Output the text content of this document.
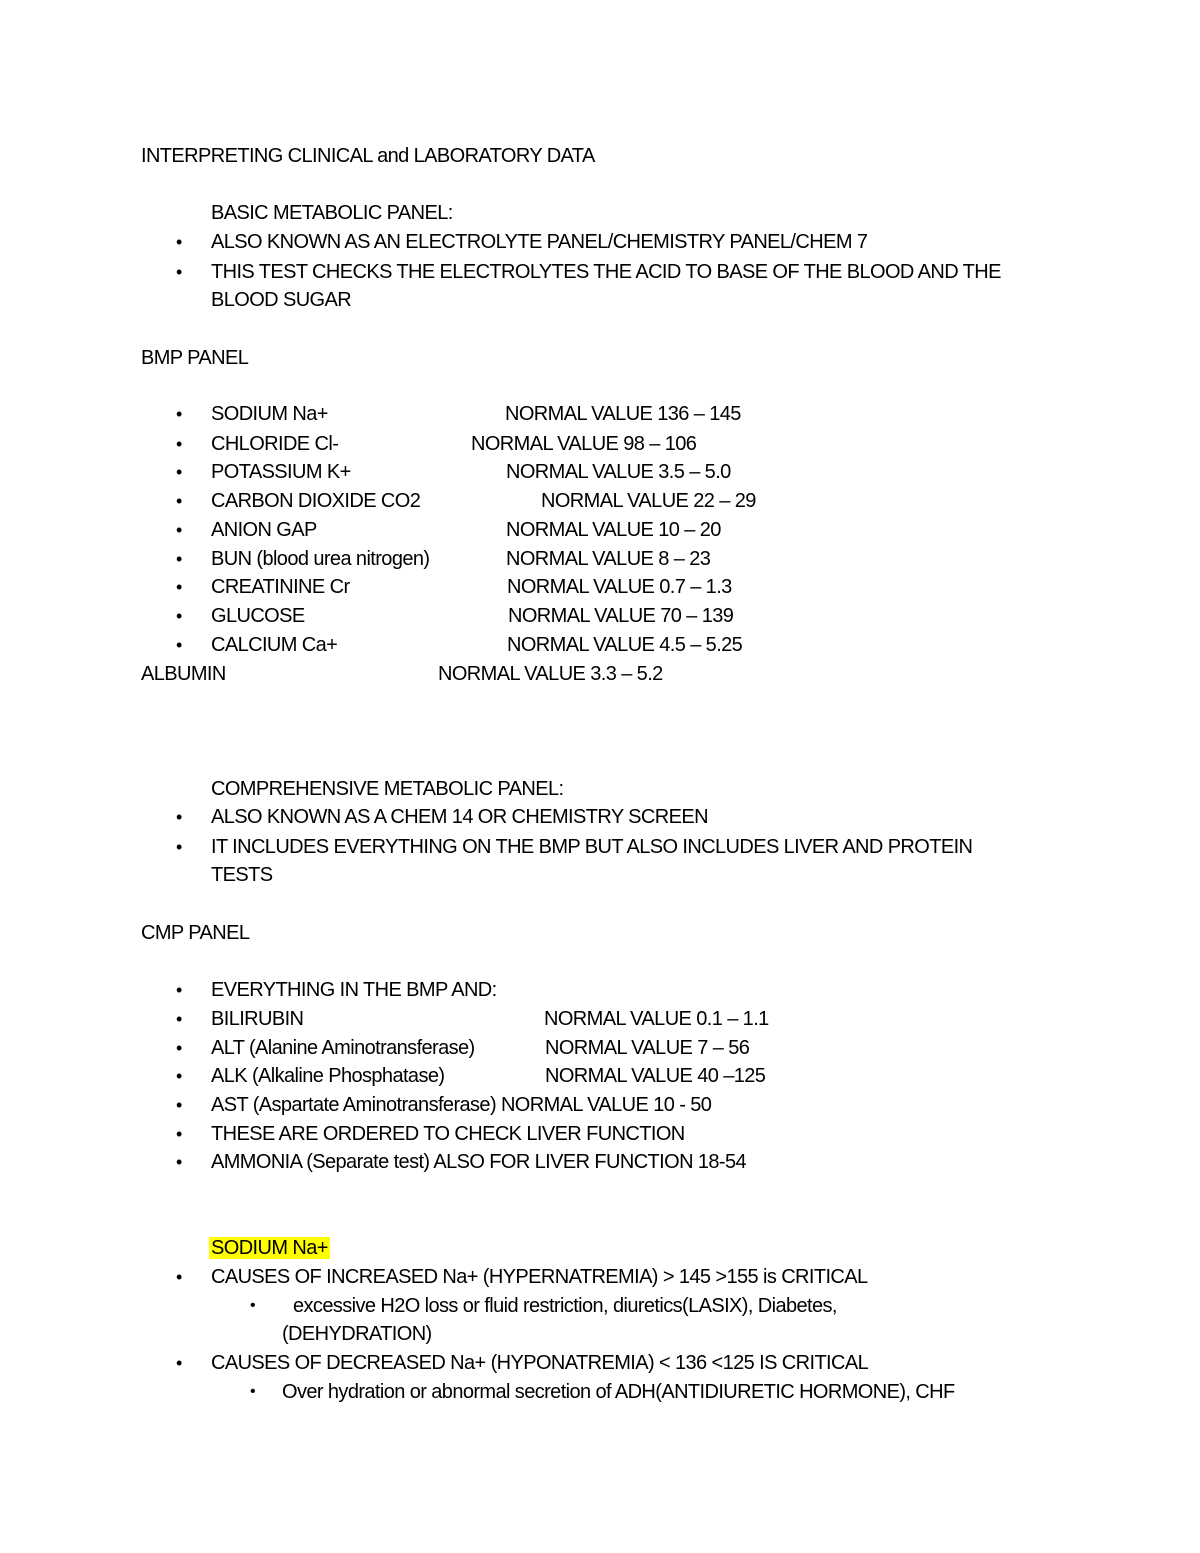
INTERPRETING CLINICAL and LABORATORY DATA
BASIC METABOLIC PANEL:
• ALSO KNOWN AS AN ELECTROLYTE PANEL/CHEMISTRY PANEL/CHEM 7
• THIS TEST CHECKS THE ELECTROLYTES THE ACID TO BASE OF THE BLOOD AND THE
BLOOD SUGAR
BMP PANEL
• SODIUM Na+	NORMAL VALUE 136 – 145
• CHLORIDE Cl-	NORMAL VALUE 98 – 106
• POTASSIUM K+	NORMAL VALUE 3.5 – 5.0
• CARBON DIOXIDE CO2	NORMAL VALUE 22 – 29
• ANION GAP	NORMAL VALUE 10 – 20
• BUN (blood urea nitrogen)	NORMAL VALUE 8 – 23
• CREATININE Cr	NORMAL VALUE 0.7 – 1.3
• GLUCOSE	NORMAL VALUE 70 – 139
• CALCIUM Ca+	NORMAL VALUE 4.5 – 5.25
ALBUMIN	NORMAL VALUE 3.3 – 5.2
COMPREHENSIVE METABOLIC PANEL:
• ALSO KNOWN AS A CHEM 14 OR CHEMISTRY SCREEN
• IT INCLUDES EVERYTHING ON THE BMP BUT ALSO INCLUDES LIVER AND PROTEIN
TESTS
CMP PANEL
• EVERYTHING IN THE BMP AND:
• BILIRUBIN	NORMAL VALUE 0.1 – 1.1
• ALT (Alanine Aminotransferase)	NORMAL VALUE 7 – 56
• ALK (Alkaline Phosphatase)	NORMAL VALUE 40 –125
• AST (Aspartate Aminotransferase) NORMAL VALUE 10 - 50
• THESE ARE ORDERED TO CHECK LIVER FUNCTION
• AMMONIA (Separate test) ALSO FOR LIVER FUNCTION 18-54
SODIUM Na+
• CAUSES OF INCREASED Na+ (HYPERNATREMIA) > 145 >155 is CRITICAL
• excessive H2O loss or fluid restriction, diuretics(LASIX), Diabetes,
(DEHYDRATION)
• CAUSES OF DECREASED Na+ (HYPONATREMIA) < 136 <125 IS CRITICAL
• Over hydration or abnormal secretion of ADH(ANTIDIURETIC HORMONE), CHF
